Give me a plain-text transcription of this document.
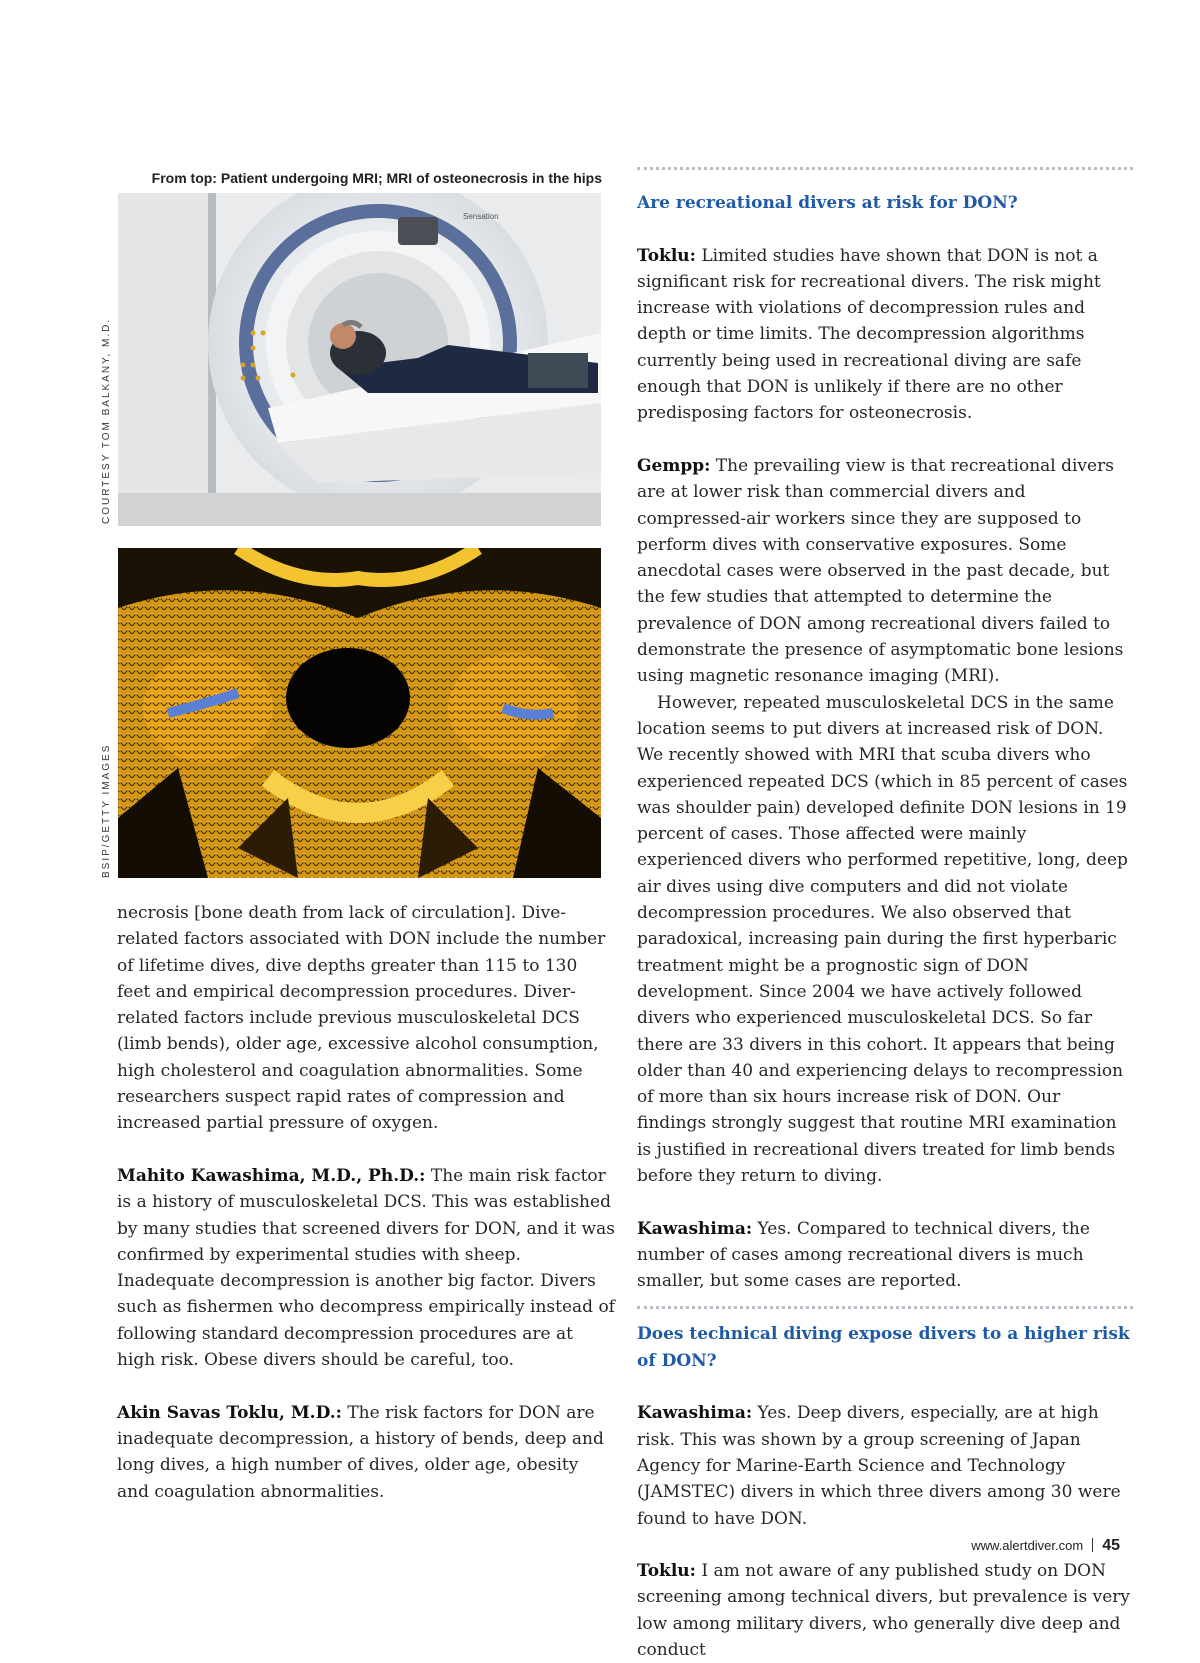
From top: Patient undergoing MRI; MRI of osteonecrosis in the hips
COURTESY TOM BALKANY, M.D.
BSIP/GETTY IMAGES
Sensation

necrosis [bone death from lack of circulation]. Dive-related factors associated with DON include the number of lifetime dives, dive depths greater than 115 to 130 feet and empirical decompression procedures. Diver-related factors include previous musculoskeletal DCS (limb bends), older age, excessive alcohol consumption, high cholesterol and coagulation abnormalities. Some researchers suspect rapid rates of compression and increased partial pressure of oxygen.

Mahito Kawashima, M.D., Ph.D.: The main risk factor is a history of musculoskeletal DCS. This was established by many studies that screened divers for DON, and it was confirmed by experimental studies with sheep. Inadequate decompression is another big factor. Divers such as fishermen who decompress empirically instead of following standard decompression procedures are at high risk. Obese divers should be careful, too.

Akin Savas Toklu, M.D.: The risk factors for DON are inadequate decompression, a history of bends, deep and long dives, a high number of dives, older age, obesity and coagulation abnormalities.

Are recreational divers at risk for DON?

Toklu: Limited studies have shown that DON is not a significant risk for recreational divers. The risk might increase with violations of decompression rules and depth or time limits. The decompression algorithms currently being used in recreational diving are safe enough that DON is unlikely if there are no other predisposing factors for osteonecrosis.

Gempp: The prevailing view is that recreational divers are at lower risk than commercial divers and compressed-air workers since they are supposed to perform dives with conservative exposures. Some anecdotal cases were observed in the past decade, but the few studies that attempted to determine the prevalence of DON among recreational divers failed to demonstrate the presence of asymptomatic bone lesions using magnetic resonance imaging (MRI).

However, repeated musculoskeletal DCS in the same location seems to put divers at increased risk of DON. We recently showed with MRI that scuba divers who experienced repeated DCS (which in 85 percent of cases was shoulder pain) developed definite DON lesions in 19 percent of cases. Those affected were mainly experienced divers who performed repetitive, long, deep air dives using dive computers and did not violate decompression procedures. We also observed that paradoxical, increasing pain during the first hyperbaric treatment might be a prognostic sign of DON development. Since 2004 we have actively followed divers who experienced musculoskeletal DCS. So far there are 33 divers in this cohort. It appears that being older than 40 and experiencing delays to recompression of more than six hours increase risk of DON. Our findings strongly suggest that routine MRI examination is justified in recreational divers treated for limb bends before they return to diving.

Kawashima: Yes. Compared to technical divers, the number of cases among recreational divers is much smaller, but some cases are reported.

Does technical diving expose divers to a higher risk of DON?

Kawashima: Yes. Deep divers, especially, are at high risk. This was shown by a group screening of Japan Agency for Marine-Earth Science and Technology (JAMSTEC) divers in which three divers among 30 were found to have DON.

Toklu: I am not aware of any published study on DON screening among technical divers, but prevalence is very low among military divers, who generally dive deep and conduct

www.alertdiver.com 45
